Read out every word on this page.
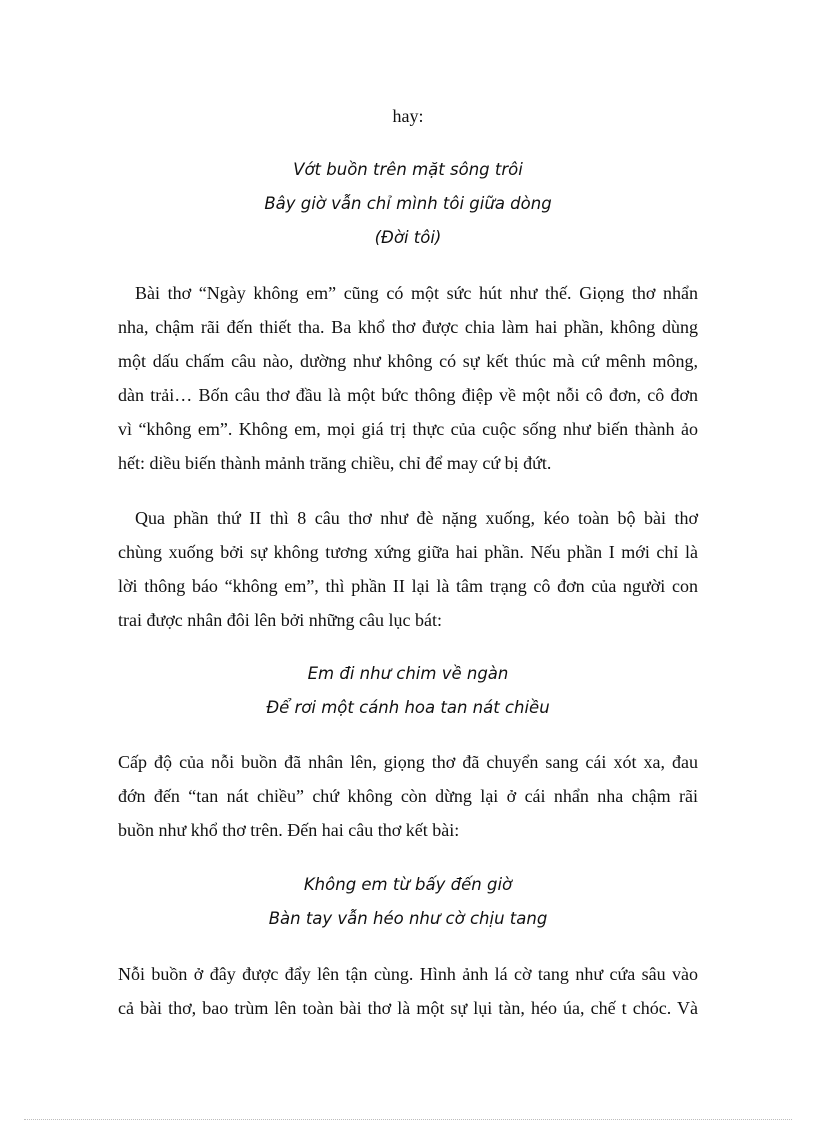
hay:
Vớt buồn trên mặt sông trôi
Bây giờ vẫn chỉ mình tôi giữa dòng
(Đời tôi)
Bài thơ “Ngày không em” cũng có một sức hút như thế. Giọng thơ nhẩn
nha, chậm rãi đến thiết tha. Ba khổ thơ được chia làm hai phần, không dùng
một dấu chấm câu nào, dường như không có sự kết thúc mà cứ mênh mông,
dàn trải… Bốn câu thơ đầu là một bức thông điệp về một nỗi cô đơn, cô đơn
vì “không em”. Không em, mọi giá trị thực của cuộc sống như biến thành ảo
hết: diều biến thành mảnh trăng chiều, chỉ để may cứ bị đứt.
Qua phần thứ II thì 8 câu thơ như đè nặng xuống, kéo toàn bộ bài thơ
chùng xuống bởi sự không tương xứng giữa hai phần. Nếu phần I mới chỉ là
lời thông báo “không em”, thì phần II lại là tâm trạng cô đơn của người con
trai được nhân đôi lên bởi những câu lục bát:
Em đi như chim về ngàn
Để rơi một cánh hoa tan nát chiều
Cấp độ của nỗi buồn đã nhân lên, giọng thơ đã chuyển sang cái xót xa, đau
đớn đến “tan nát chiều” chứ không còn dừng lại ở cái nhẩn nha chậm rãi
buồn như khổ thơ trên. Đến hai câu thơ kết bài:
Không em từ bấy đến giờ
Bàn tay vẫn héo như cờ chịu tang
Nỗi buồn ở đây được đẩy lên tận cùng. Hình ảnh lá cờ tang như cứa sâu vào
cả bài thơ, bao trùm lên toàn bài thơ là một sự lụi tàn, héo úa, chế t chóc. Và
